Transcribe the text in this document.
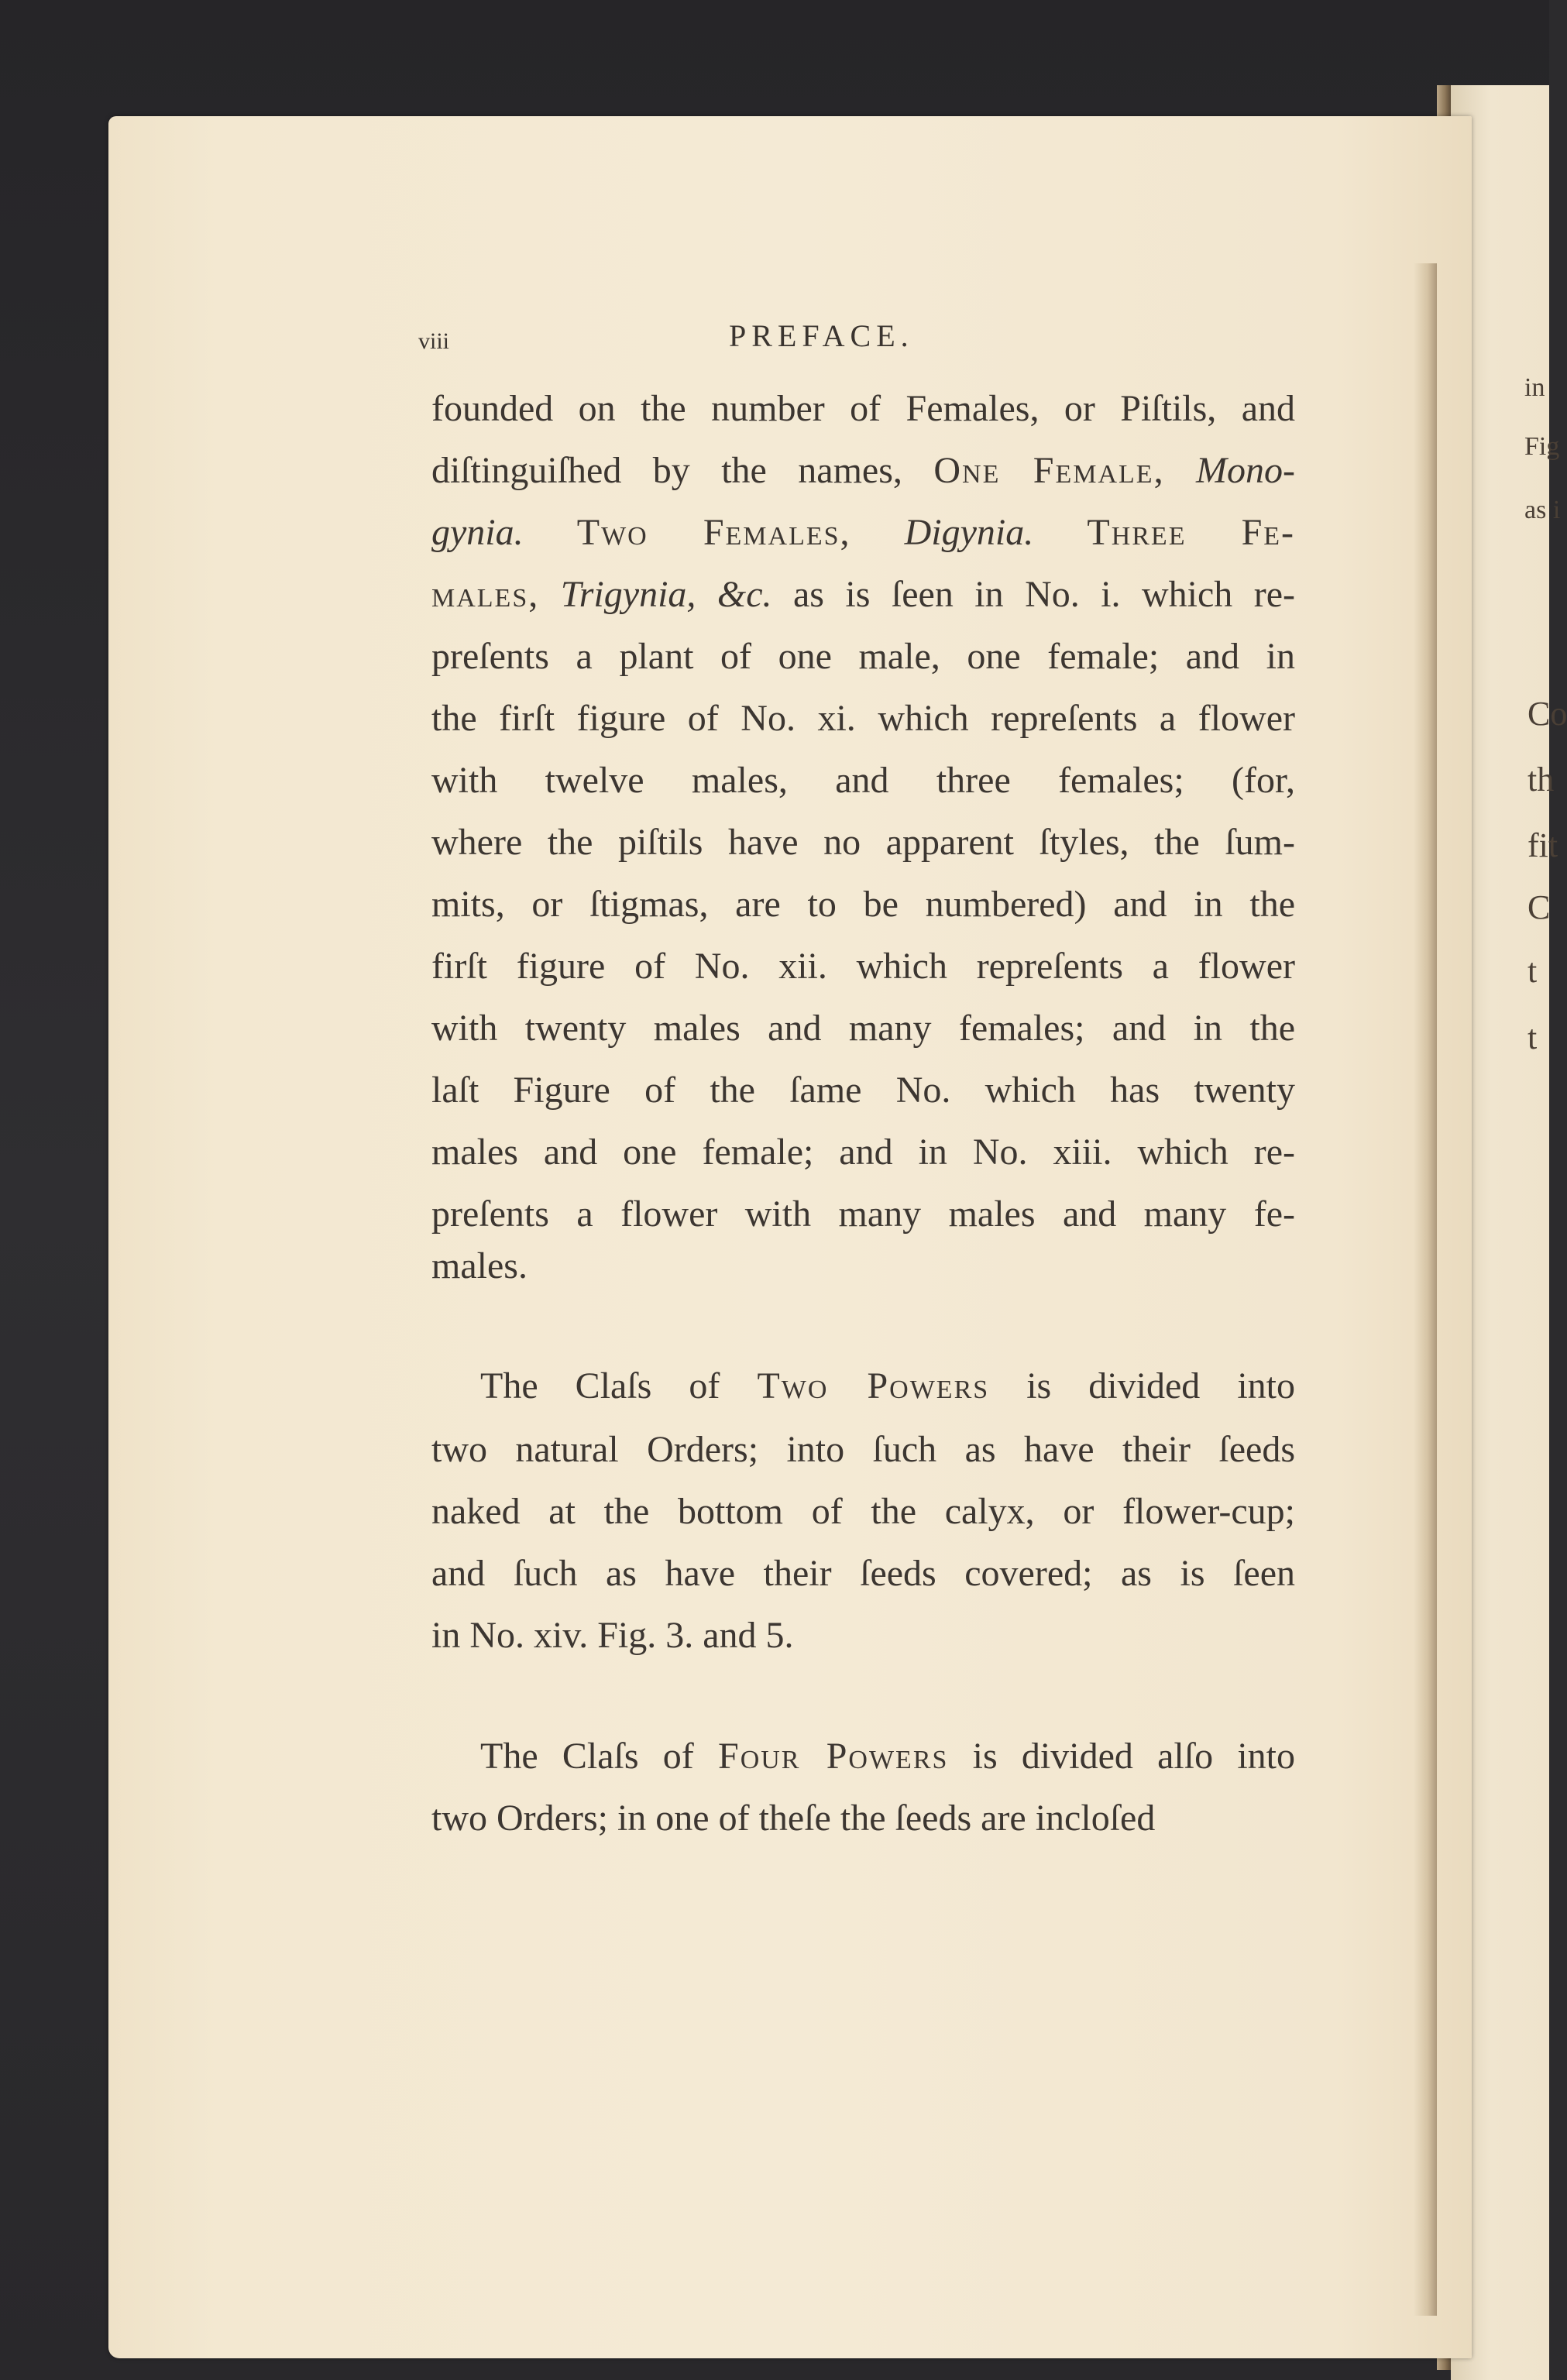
viii	PREFACE.
founded on the number of Females, or Piſtils, and
diſtinguiſhed by the names, One Female, Mono-
gynia. Two Females, Digynia. Three Fe-
males, Trigynia, &c. as is ſeen in No. i. which re-
preſents a plant of one male, one female; and in
the firſt figure of No. xi. which repreſents a flower
with twelve males, and three females; (for,
where the piſtils have no apparent ſtyles, the ſum-
mits, or ſtigmas, are to be numbered) and in the
firſt figure of No. xii. which repreſents a flower
with twenty males and many females; and in the
laſt Figure of the ſame No. which has twenty
males and one female; and in No. xiii. which re-
preſents a flower with many males and many fe-
males.
The Claſs of Two Powers is divided into
two natural Orders; into ſuch as have their ſeeds
naked at the bottom of the calyx, or flower-cup;
and ſuch as have their ſeeds covered; as is ſeen
in No. xiv. Fig. 3. and 5.
The Claſs of Four Powers is divided alſo into
two Orders; in one of theſe the ſeeds are incloſed
in
Fig
as i
Co
th
fit
C
t
t
